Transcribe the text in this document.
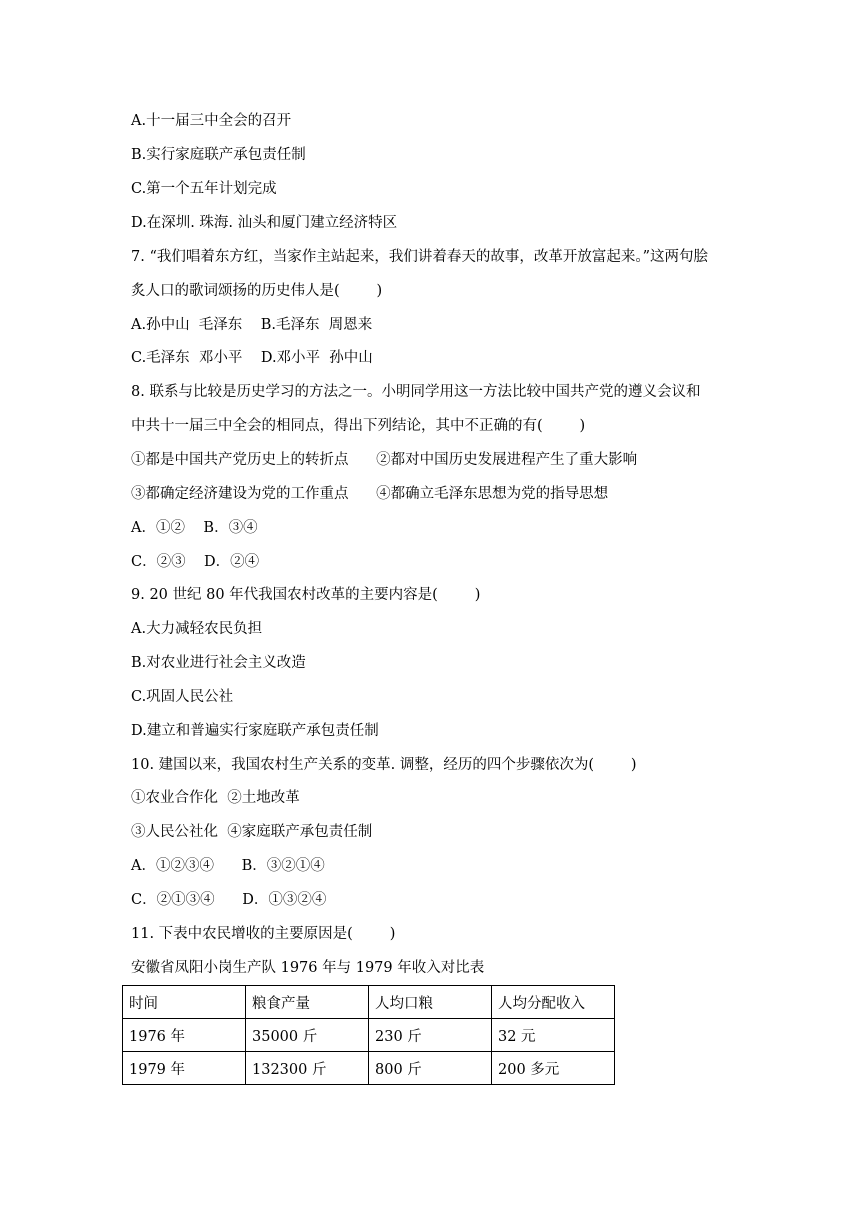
A.十一届三中全会的召开
B.实行家庭联产承包责任制
C.第一个五年计划完成
D.在深圳. 珠海. 汕头和厦门建立经济特区
7. “我们唱着东方红，当家作主站起来，我们讲着春天的故事，改革开放富起来。”这两句脍
炙人口的歌词颂扬的历史伟人是(        )
A.孙中山  毛泽东    B.毛泽东  周恩来
C.毛泽东  邓小平    D.邓小平  孙中山
8. 联系与比较是历史学习的方法之一。小明同学用这一方法比较中国共产党的遵义会议和
中共十一届三中全会的相同点，得出下列结论，其中不正确的有(        )
①都是中国共产党历史上的转折点      ②都对中国历史发展进程产生了重大影响
③都确定经济建设为党的工作重点      ④都确立毛泽东思想为党的指导思想
A．①②    B．③④
C．②③    D．②④
9. 20 世纪 80 年代我国农村改革的主要内容是(        )
A.大力减轻农民负担
B.对农业进行社会主义改造
C.巩固人民公社
D.建立和普遍实行家庭联产承包责任制
10. 建国以来，我国农村生产关系的变革. 调整，经历的四个步骤依次为(        )
①农业合作化  ②土地改革
③人民公社化  ④家庭联产承包责任制
A．①②③④      B．③②①④
C．②①③④      D．①③②④
11. 下表中农民增收的主要原因是(        )
安徽省凤阳小岗生产队 1976 年与 1979 年收入对比表
时间	粮食产量	人均口粮	人均分配收入
1976 年	35000 斤	230 斤	32 元
1979 年	132300 斤	800 斤	200 多元
